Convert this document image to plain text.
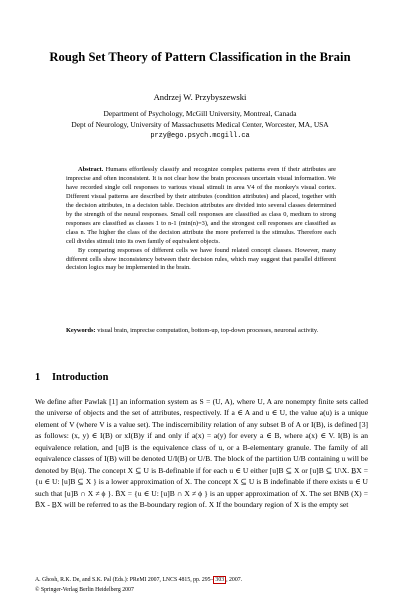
Rough Set Theory of Pattern Classification in the Brain
Andrzej W. Przybyszewski
Department of Psychology, McGill University, Montreal, Canada
Dept of Neurology, University of Massachusetts Medical Center, Worcester, MA, USA
przy@ego.psych.mcgill.ca

Abstract. Humans effortlessly classify and recognize complex patterns even if their attributes are imprecise and often inconsistent. It is not clear how the brain processes uncertain visual information. We have recorded single cell responses to various visual stimuli in area V4 of the monkey's visual cortex. Different visual patterns are described by their attributes (condition attributes) and placed, together with the decision attributes, in a decision table. Decision attributes are divided into several classes determined by the strength of the neural responses. Small cell responses are classified as class 0, medium to strong responses are classified as classes 1 to n-1 (min(n)=3), and the strongest cell responses are classified as class n. The higher the class of the decision attribute the more preferred is the stimulus. Therefore each cell divides stimuli into its own family of equivalent objects.

By comparing responses of different cells we have found related concept classes. However, many different cells show inconsistency between their decision rules, which may suggest that parallel different decision logics may be implemented in the brain.

Keywords: visual brain, imprecise computation, bottom-up, top-down processes, neuronal activity.
1 Introduction

We define after Pawlak [1] an information system as S = (U, A), where U, A are nonempty finite sets called the universe of objects and the set of attributes, respectively. If a ∈ A and u ∈ U, the value a(u) is a unique element of V (where V is a value set). The indiscernibility relation of any subset B of A or I(B), is defined [3] as follows: (x, y) ∈ I(B) or xI(B)y if and only if a(x) = a(y) for every a ∈ B, where a(x) ∈ V. I(B) is an equivalence relation, and [u]B is the equivalence class of u, or a B-elementary granule. The family of all equivalence classes of I(B) will be denoted U/I(B) or U/B. The block of the partition U/B containing u will be denoted by B(u). The concept X ⊆ U is B-definable if for each u ∈ U either [u]B ⊆ X or [u]B ⊆ U\X. B̲X = {u ∈ U: [u]B ⊆ X } is a lower approximation of X. The concept X ⊆ U is B indefinable if there exists u ∈ U such that [u]B ∩ X ≠ ϕ }. B̄X = {u ∈ U: [u]B ∩ X ≠ ϕ } is an upper approximation of X. The set BNB (X) = B̄X - B̲X will be referred to as the B-boundary region of. X If the boundary region of X is the empty set

A. Ghosh, R.K. De, and S.K. Pal (Eds.): PReMI 2007, LNCS 4815, pp. 295– 303 , 2007.
© Springer-Verlag Berlin Heidelberg 2007
